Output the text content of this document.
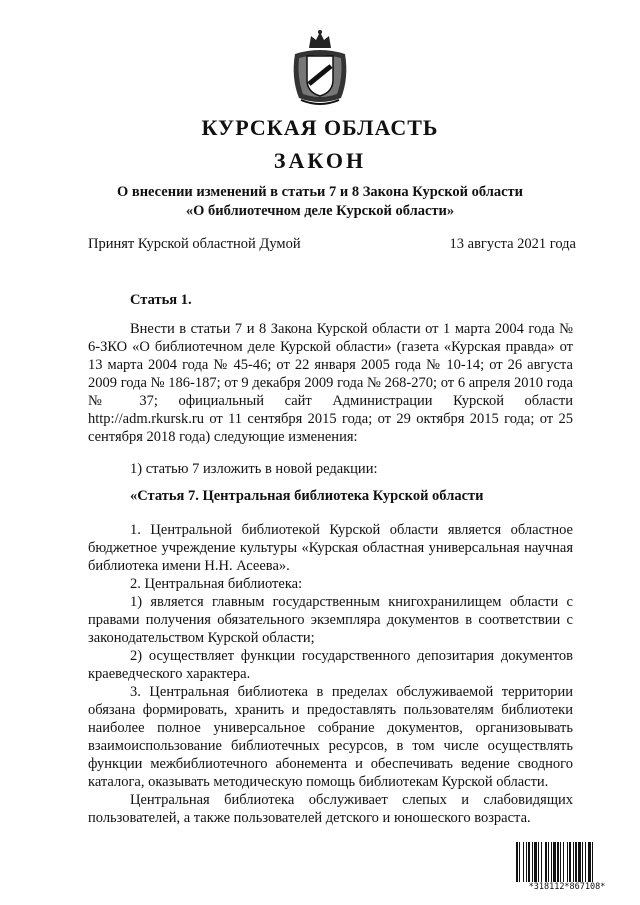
КУРСКАЯ ОБЛАСТЬ
ЗАКОН
О внесении изменений в статьи 7 и 8 Закона Курской области
«О библиотечном деле Курской области»
Принят Курской областной Думой	13 августа 2021 года
Статья 1.
Внести в статьи 7 и 8 Закона Курской области от 1 марта 2004 года № 6-ЗКО «О библиотечном деле Курской области» (газета «Курская правда» от 13 марта 2004 года № 45-46; от 22 января 2005 года № 10-14; от 26 августа 2009 года № 186-187; от 9 декабря 2009 года № 268-270; от 6 апреля 2010 года № 37; официальный сайт Администрации Курской области http://adm.rkursk.ru от 11 сентября 2015 года; от 29 октября 2015 года; от 25 сентября 2018 года) следующие изменения:
1) статью 7 изложить в новой редакции:
«Статья 7. Центральная библиотека Курской области
1. Центральной библиотекой Курской области является областное бюджетное учреждение культуры «Курская областная универсальная научная библиотека имени Н.Н. Асеева».
2. Центральная библиотека:
1) является главным государственным книгохранилищем области с правами получения обязательного экземпляра документов в соответствии с законодательством Курской области;
2) осуществляет функции государственного депозитария документов краеведческого характера.
3. Центральная библиотека в пределах обслуживаемой территории обязана формировать, хранить и предоставлять пользователям библиотеки наиболее полное универсальное собрание документов, организовывать взаимоиспользование библиотечных ресурсов, в том числе осуществлять функции межбиблиотечного абонемента и обеспечивать ведение сводного каталога, оказывать методическую помощь библиотекам Курской области.
Центральная библиотека обслуживает слепых и слабовидящих пользователей, а также пользователей детского и юношеского возраста.
*318112*867108*
